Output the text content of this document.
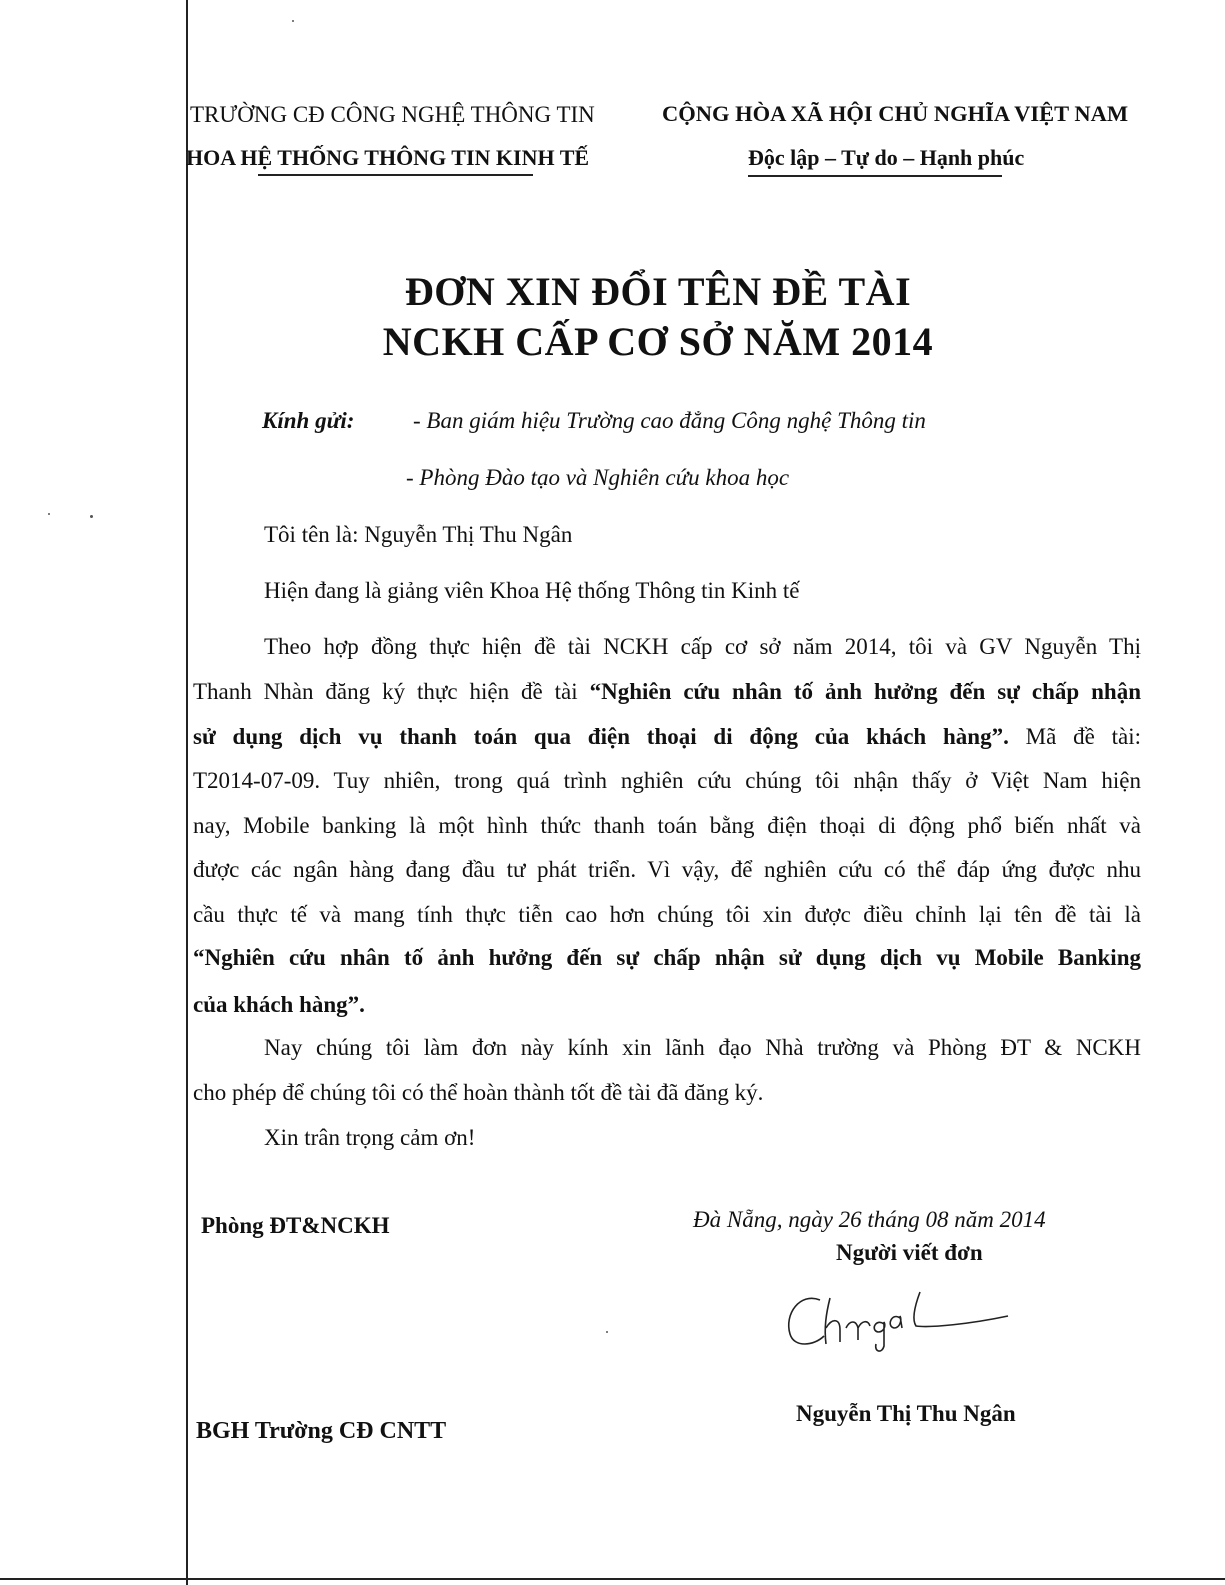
TRƯỜNG CĐ CÔNG NGHỆ THÔNG TIN
HOA HỆ THỐNG THÔNG TIN KINH TẾ
CỘNG HÒA XÃ HỘI CHỦ NGHĨA VIỆT NAM
Độc lập – Tự do – Hạnh phúc
ĐƠN XIN ĐỔI TÊN ĐỀ TÀI
NCKH CẤP CƠ SỞ NĂM 2014
Kính gửi:	- Ban giám hiệu Trường cao đẳng Công nghệ Thông tin
- Phòng Đào tạo và Nghiên cứu khoa học
Tôi tên là: Nguyễn Thị Thu Ngân
Hiện đang là giảng viên Khoa Hệ thống Thông tin Kinh tế
Theo hợp đồng thực hiện đề tài NCKH cấp cơ sở năm 2014, tôi và GV Nguyễn Thị
Thanh Nhàn đăng ký thực hiện đề tài “Nghiên cứu nhân tố ảnh hưởng đến sự chấp nhận
sử dụng dịch vụ thanh toán qua điện thoại di động của khách hàng”. Mã đề tài:
T2014-07-09. Tuy nhiên, trong quá trình nghiên cứu chúng tôi nhận thấy ở Việt Nam hiện
nay, Mobile banking là một hình thức thanh toán bằng điện thoại di động phổ biến nhất và
được các ngân hàng đang đầu tư phát triển. Vì vậy, để nghiên cứu có thể đáp ứng được nhu
cầu thực tế và mang tính thực tiễn cao hơn chúng tôi xin được điều chỉnh lại tên đề tài là
“Nghiên cứu nhân tố ảnh hưởng đến sự chấp nhận sử dụng dịch vụ Mobile Banking
của khách hàng”.
Nay chúng tôi làm đơn này kính xin lãnh đạo Nhà trường và Phòng ĐT & NCKH
cho phép để chúng tôi có thể hoàn thành tốt đề tài đã đăng ký.
Xin trân trọng cảm ơn!
Phòng ĐT&NCKH	Đà Nẵng, ngày 26 tháng 08 năm 2014
Người viết đơn
Nguyễn Thị Thu Ngân
BGH Trường CĐ CNTT
